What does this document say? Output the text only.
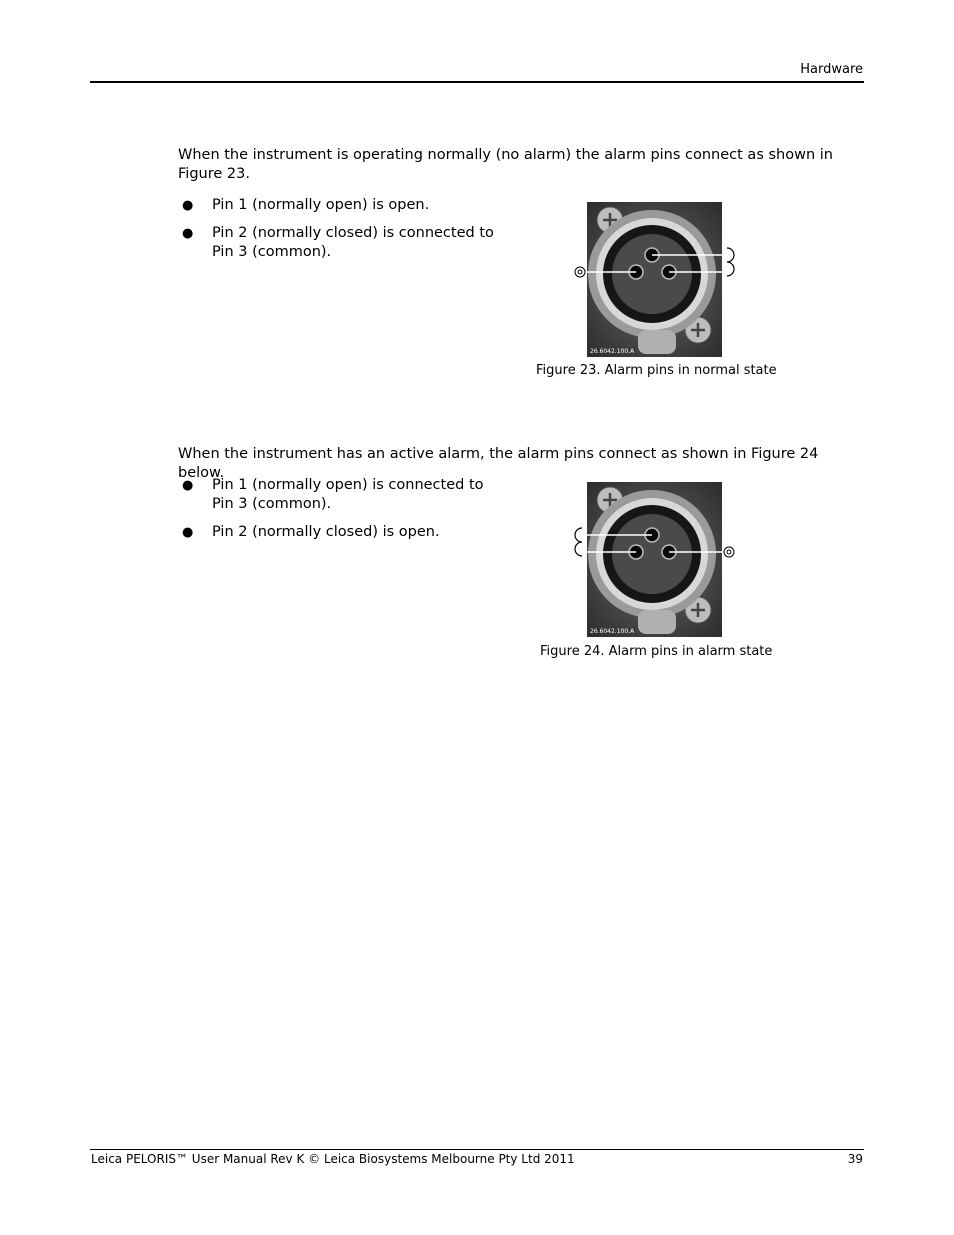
Hardware
When the instrument is operating normally (no alarm) the alarm pins connect as shown in Figure 23.
● Pin 1 (normally open) is open.
● Pin 2 (normally closed) is connected to Pin 3 (common).
26.6042.100.A
Figure 23. Alarm pins in normal state
When the instrument has an active alarm, the alarm pins connect as shown in Figure 24 below.
● Pin 1 (normally open) is connected to Pin 3 (common).
● Pin 2 (normally closed) is open.
26.6042.100.A
Figure 24. Alarm pins in alarm state
Leica PELORIS™ User Manual Rev K © Leica Biosystems Melbourne Pty Ltd 2011	39
